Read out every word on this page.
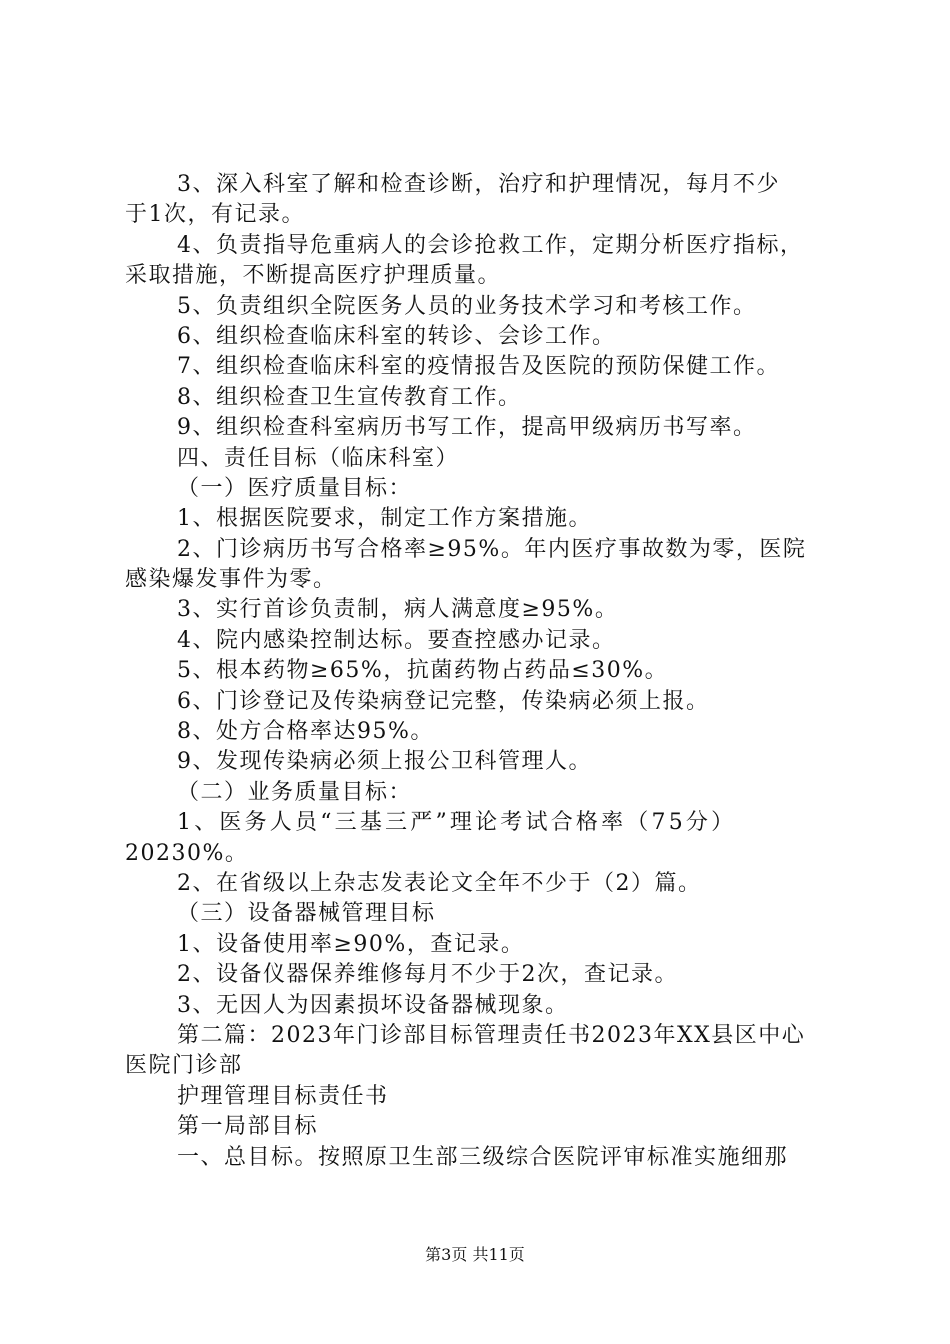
3、深入科室了解和检查诊断，治疗和护理情况，每月不少
于1次，有记录。
4、负责指导危重病人的会诊抢救工作，定期分析医疗指标，
采取措施，不断提高医疗护理质量。
5、负责组织全院医务人员的业务技术学习和考核工作。
6、组织检查临床科室的转诊、会诊工作。
7、组织检查临床科室的疫情报告及医院的预防保健工作。
8、组织检查卫生宣传教育工作。
9、组织检查科室病历书写工作，提高甲级病历书写率。
四、责任目标（临床科室）
（一）医疗质量目标：
1、根据医院要求，制定工作方案措施。
2、门诊病历书写合格率≥95%。年内医疗事故数为零，医院
感染爆发事件为零。
3、实行首诊负责制，病人满意度≥95%。
4、院内感染控制达标。要查控感办记录。
5、根本药物≥65%，抗菌药物占药品≤30%。
6、门诊登记及传染病登记完整，传染病必须上报。
8、处方合格率达95%。
9、发现传染病必须上报公卫科管理人。
（二）业务质量目标：
1、医务人员“三基三严”理论考试合格率（75分）
20230%。
2、在省级以上杂志发表论文全年不少于（2）篇。
（三）设备器械管理目标
1、设备使用率≥90%，查记录。
2、设备仪器保养维修每月不少于2次，查记录。
3、无因人为因素损坏设备器械现象。
第二篇：2023年门诊部目标管理责任书2023年XX县区中心
医院门诊部
护理管理目标责任书
第一局部目标
一、总目标。按照原卫生部三级综合医院评审标准实施细那
第3页 共11页
